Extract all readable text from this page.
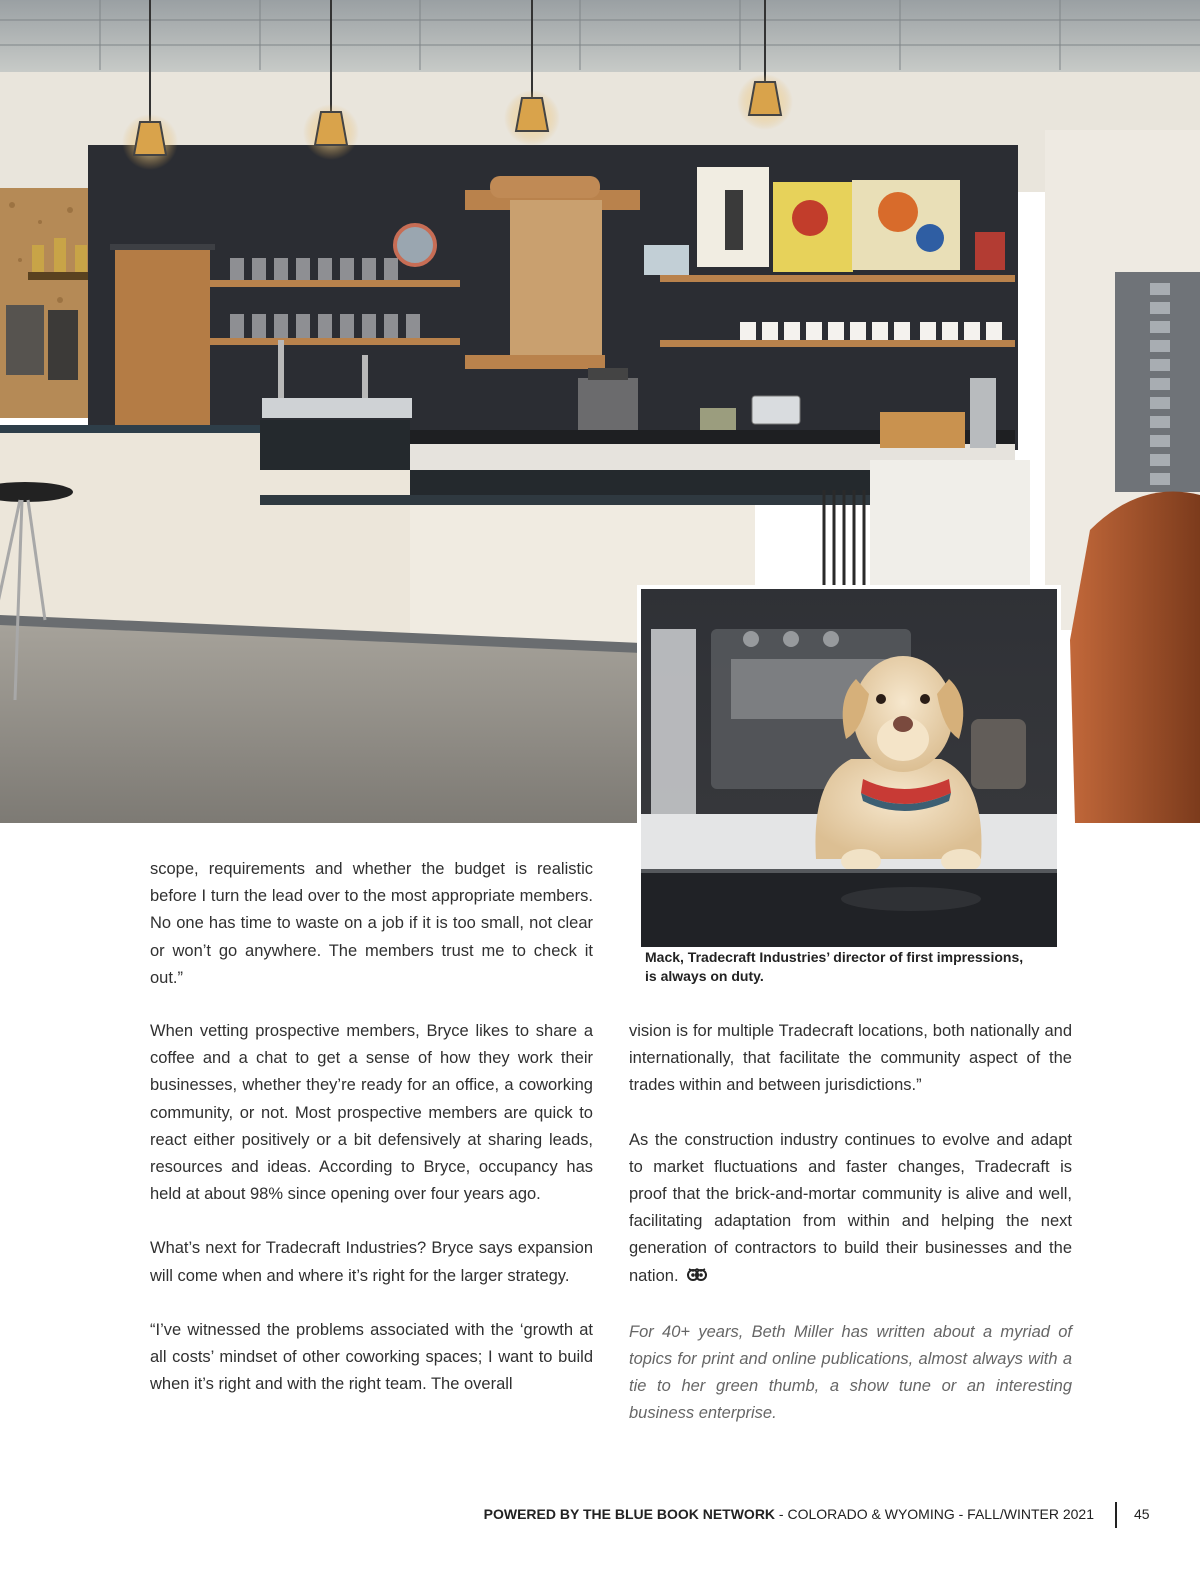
Mack, Tradecraft Industries’ director of first impressions,
is always on duty.

scope, requirements and whether the budget is realistic before I turn the lead over to the most appropriate members. No one has time to waste on a job if it is too small, not clear or won’t go anywhere. The members trust me to check it out.”

When vetting prospective members, Bryce likes to share a coffee and a chat to get a sense of how they work their businesses, whether they’re ready for an office, a coworking community, or not. Most prospective members are quick to react either positively or a bit defensively at sharing leads, resources and ideas. According to Bryce, occupancy has held at about 98% since opening over four years ago.

What’s next for Tradecraft Industries? Bryce says expansion will come when and where it’s right for the larger strategy.

“I’ve witnessed the problems associated with the ‘growth at all costs’ mindset of other coworking spaces; I want to build when it’s right and with the right team. The overall

vision is for multiple Tradecraft locations, both nationally and internationally, that facilitate the community aspect of the trades within and between jurisdictions.”

As the construction industry continues to evolve and adapt to market fluctuations and faster changes, Tradecraft is proof that the brick-and-mortar community is alive and well, facilitating adaptation from within and helping the next generation of contractors to build their businesses and the nation.

For 40+ years, Beth Miller has written about a myriad of topics for print and online publications, almost always with a tie to her green thumb, a show tune or an interesting business enterprise.

POWERED BY THE BLUE BOOK NETWORK - COLORADO & WYOMING - FALL/WINTER 2021	45
